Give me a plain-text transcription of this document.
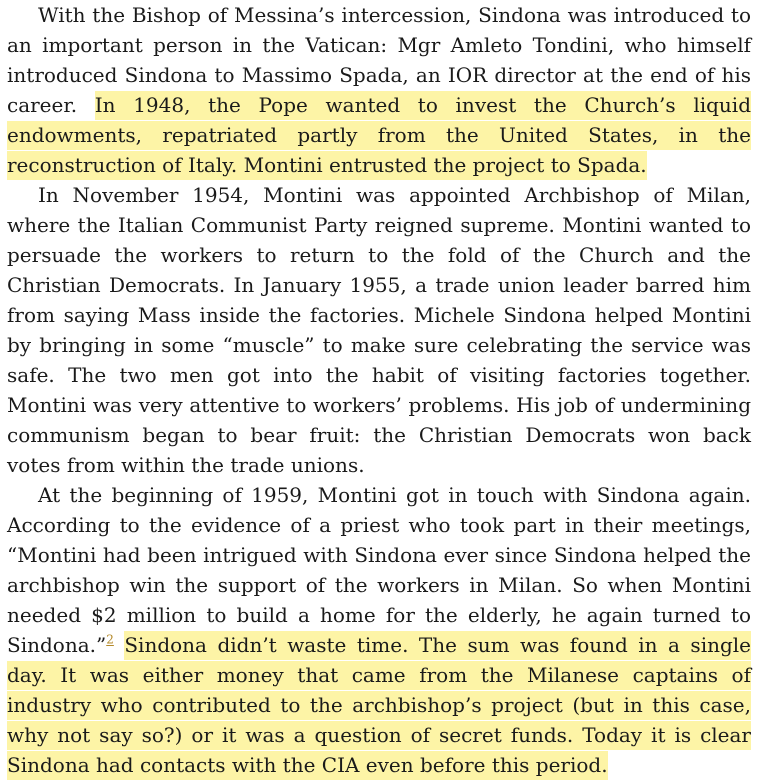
With the Bishop of Messina’s intercession, Sindona was introduced to an important person in the Vatican: Mgr Amleto Tondini, who himself introduced Sindona to Massimo Spada, an IOR director at the end of his career. In 1948, the Pope wanted to invest the Church’s liquid endowments, repatriated partly from the United States, in the reconstruction of Italy. Montini entrusted the project to Spada.

In November 1954, Montini was appointed Archbishop of Milan, where the Italian Communist Party reigned supreme. Montini wanted to persuade the workers to return to the fold of the Church and the Christian Democrats. In January 1955, a trade union leader barred him from saying Mass inside the factories. Michele Sindona helped Montini by bringing in some “muscle” to make sure celebrating the service was safe. The two men got into the habit of visiting factories together. Montini was very attentive to workers’ problems. His job of undermining communism began to bear fruit: the Christian Democrats won back votes from within the trade unions.

At the beginning of 1959, Montini got in touch with Sindona again. According to the evidence of a priest who took part in their meetings, “Montini had been intrigued with Sindona ever since Sindona helped the archbishop win the support of the workers in Milan. So when Montini needed $2 million to build a home for the elderly, he again turned to Sindona.”$^2$ Sindona didn’t waste time. The sum was found in a single day. It was either money that came from the Milanese captains of industry who contributed to the archbishop’s project (but in this case, why not say so?) or it was a question of secret funds. Today it is clear Sindona had contacts with the CIA even before this period.
